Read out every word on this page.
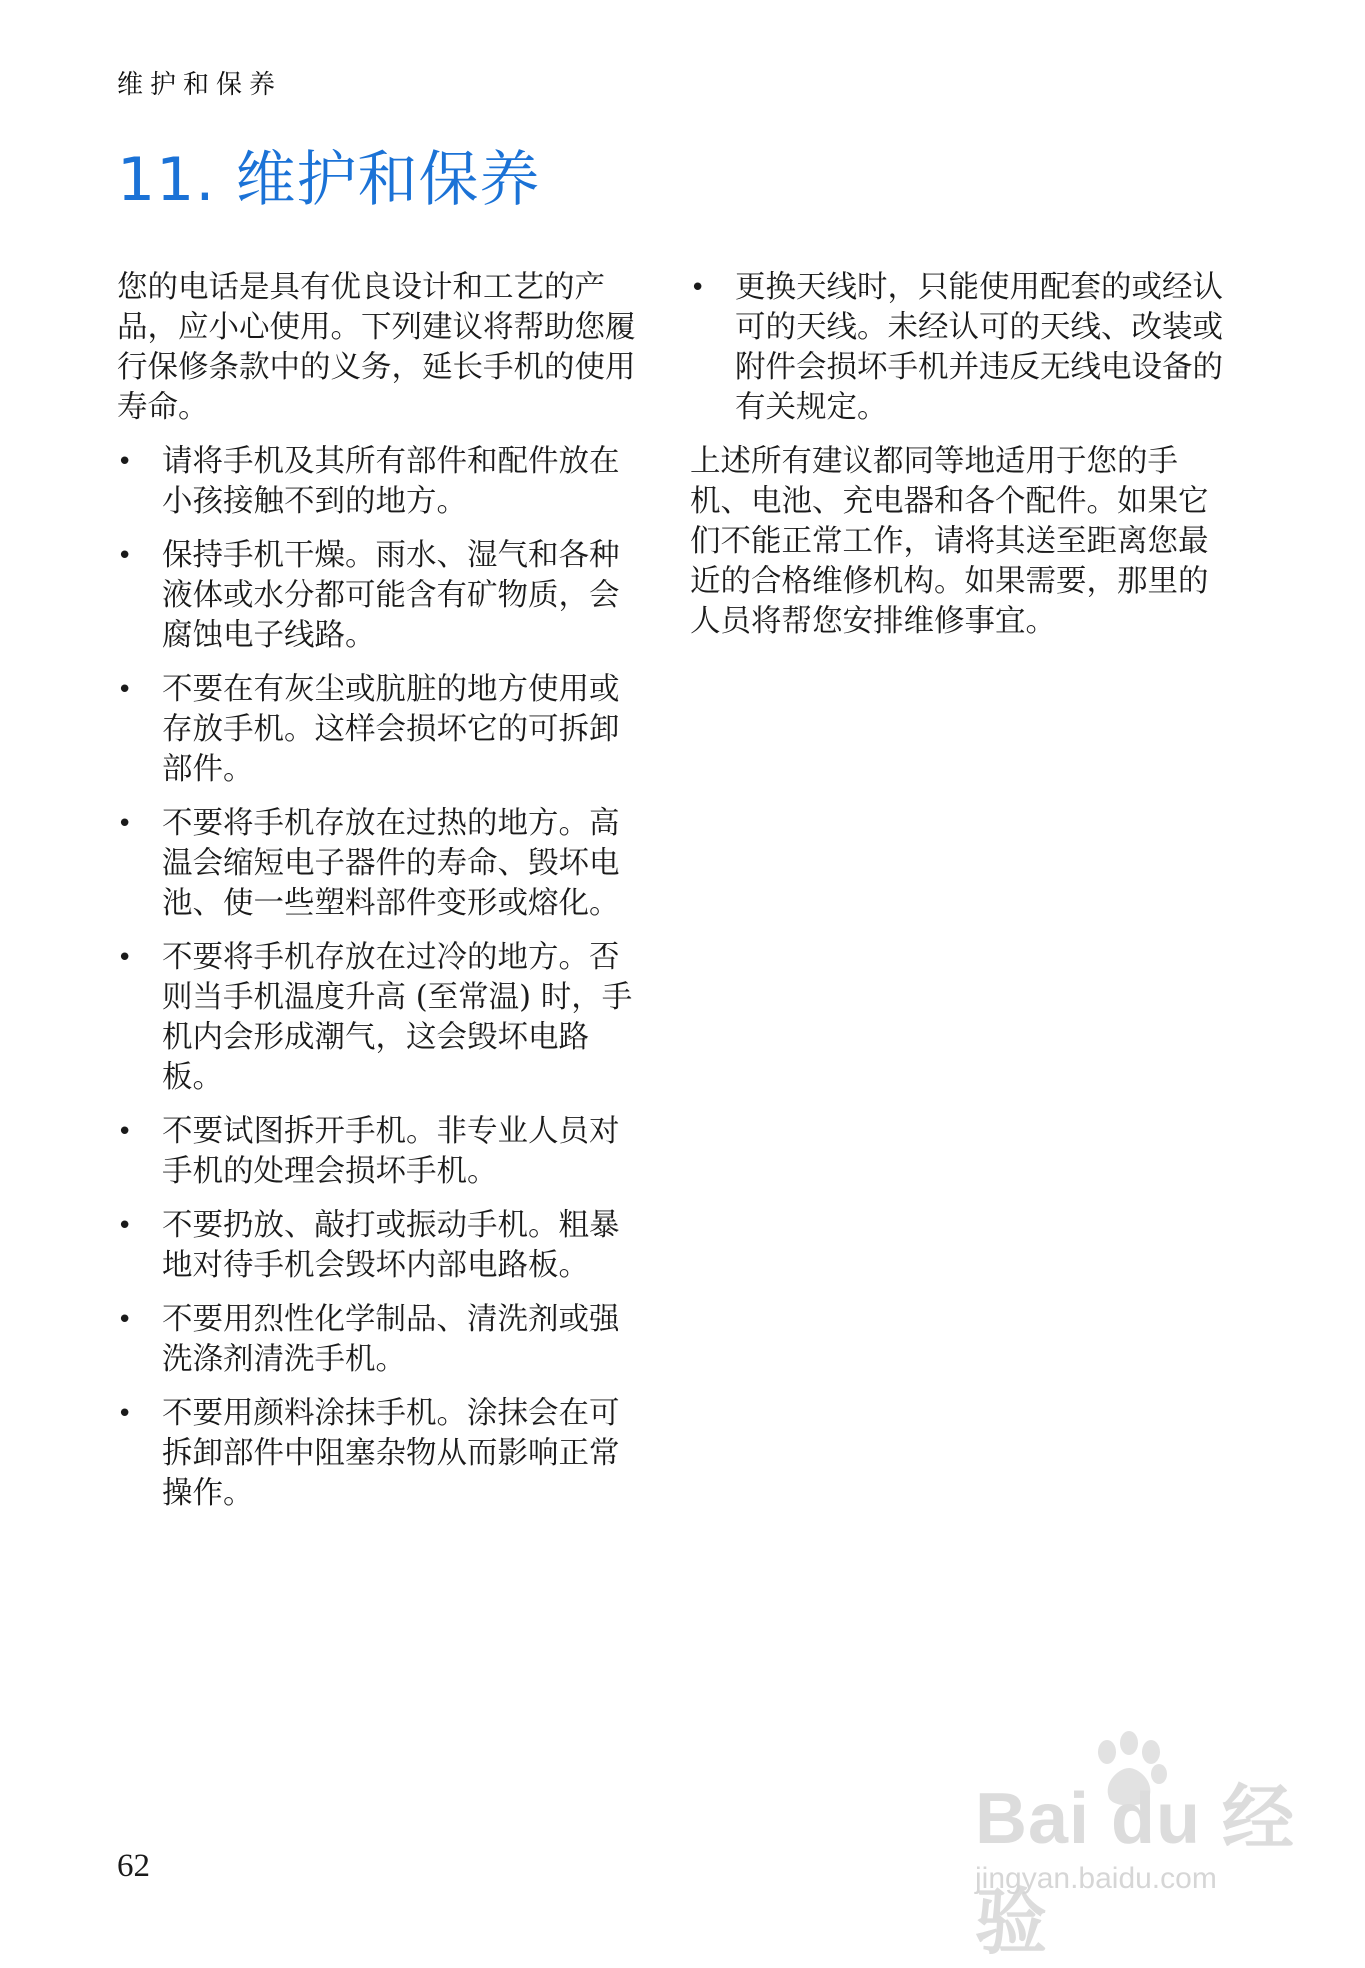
维护和保养
11. 维护和保养

您的电话是具有优良设计和工艺的产品，应小心使用。下列建议将帮助您履行保修条款中的义务，延长手机的使用寿命。

• 请将手机及其所有部件和配件放在小孩接触不到的地方。
• 保持手机干燥。雨水、湿气和各种液体或水分都可能含有矿物质，会腐蚀电子线路。
• 不要在有灰尘或肮脏的地方使用或存放手机。这样会损坏它的可拆卸部件。
• 不要将手机存放在过热的地方。高温会缩短电子器件的寿命、毁坏电池、使一些塑料部件变形或熔化。
• 不要将手机存放在过冷的地方。否则当手机温度升高 (至常温) 时，手机内会形成潮气，这会毁坏电路板。
• 不要试图拆开手机。非专业人员对手机的处理会损坏手机。
• 不要扔放、敲打或振动手机。粗暴地对待手机会毁坏内部电路板。
• 不要用烈性化学制品、清洗剂或强洗涤剂清洗手机。
• 不要用颜料涂抹手机。涂抹会在可拆卸部件中阻塞杂物从而影响正常操作。
• 更换天线时，只能使用配套的或经认可的天线。未经认可的天线、改装或附件会损坏手机并违反无线电设备的有关规定。

上述所有建议都同等地适用于您的手机、电池、充电器和各个配件。如果它们不能正常工作，请将其送至距离您最近的合格维修机构。如果需要，那里的人员将帮您安排维修事宜。

62
Bai du 经验
jingyan.baidu.com
